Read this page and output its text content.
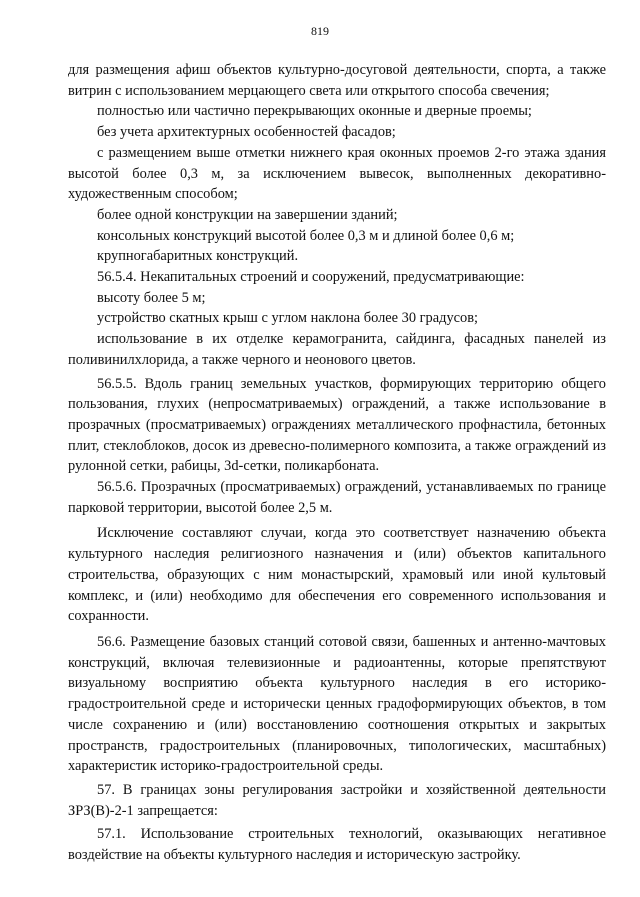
819

для размещения афиш объектов культурно-досуговой деятельности, спорта, а также витрин с использованием мерцающего света или открытого способа свечения;

полностью или частично перекрывающих оконные и дверные проемы;

без учета архитектурных особенностей фасадов;

с размещением выше отметки нижнего края оконных проемов 2-го этажа здания высотой более 0,3 м, за исключением вывесок, выполненных декоративно-художественным способом;

более одной конструкции на завершении зданий;

консольных конструкций высотой более 0,3 м и длиной более 0,6 м;

крупногабаритных конструкций.

56.5.4. Некапитальных строений и сооружений, предусматривающие:

высоту более 5 м;

устройство скатных крыш с углом наклона более 30 градусов;

использование в их отделке керамогранита, сайдинга, фасадных панелей из поливинилхлорида, а также черного и неонового цветов.

56.5.5. Вдоль границ земельных участков, формирующих территорию общего пользования, глухих (непросматриваемых) ограждений, а также использование в прозрачных (просматриваемых) ограждениях металлического профнастила, бетонных плит, стеклоблоков, досок из древесно-полимерного композита, а также ограждений из рулонной сетки, рабицы, 3d-сетки, поликарбоната.

56.5.6. Прозрачных (просматриваемых) ограждений, устанавливаемых по границе парковой территории, высотой более 2,5 м.

Исключение составляют случаи, когда это соответствует назначению объекта культурного наследия религиозного назначения и (или) объектов капитального строительства, образующих с ним монастырский, храмовый или иной культовый комплекс, и (или) необходимо для обеспечения его современного использования и сохранности.

56.6. Размещение базовых станций сотовой связи, башенных и антенно-мачтовых конструкций, включая телевизионные и радиоантенны, которые препятствуют визуальному восприятию объекта культурного наследия в его историко-градостроительной среде и исторически ценных градоформирующих объектов, в том числе сохранению и (или) восстановлению соотношения открытых и закрытых пространств, градостроительных (планировочных, типологических, масштабных) характеристик историко-градостроительной среды.

57. В границах зоны регулирования застройки и хозяйственной деятельности ЗРЗ(В)-2-1 запрещается:

57.1. Использование строительных технологий, оказывающих негативное воздействие на объекты культурного наследия и историческую застройку.
